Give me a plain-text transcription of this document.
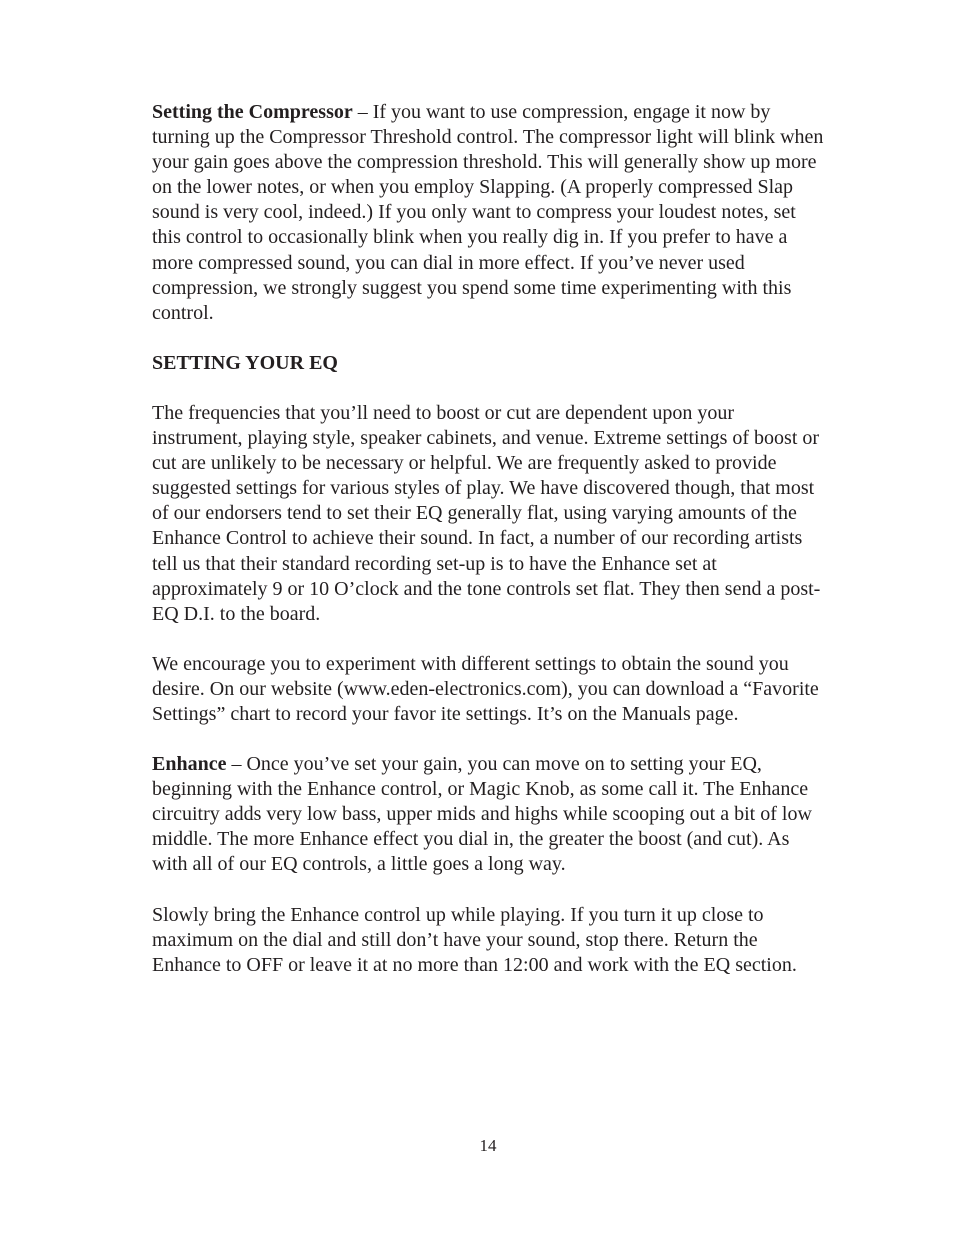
Setting the Compressor – If you want to use compression, engage it now by turning up the Compressor Threshold control. The compressor light will blink when your gain goes above the compression threshold. This will generally show up more on the lower notes, or when you employ Slapping. (A properly compressed Slap sound is very cool, indeed.) If you only want to compress your loudest notes, set this control to occasionally blink when you really dig in. If you prefer to have a more compressed sound, you can dial in more effect. If you’ve never used compression, we strongly suggest you spend some time experimenting with this control.

SETTING YOUR EQ

The frequencies that you’ll need to boost or cut are dependent upon your instrument, playing style, speaker cabinets, and venue. Extreme settings of boost or cut are unlikely to be necessary or helpful. We are frequently asked to provide suggested settings for various styles of play. We have discovered though, that most of our endorsers tend to set their EQ generally flat, using varying amounts of the Enhance Control to achieve their sound. In fact, a number of our recording artists tell us that their standard recording set-up is to have the Enhance set at approximately 9 or 10 O’clock and the tone controls set flat. They then send a post-EQ D.I. to the board.

We encourage you to experiment with different settings to obtain the sound you desire. On our website (www.eden-electronics.com), you can download a “Favorite Settings” chart to record your favor ite settings. It’s on the Manuals page.

Enhance – Once you’ve set your gain, you can move on to setting your EQ, beginning with the Enhance control, or Magic Knob, as some call it. The Enhance circuitry adds very low bass, upper mids and highs while scooping out a bit of low middle. The more Enhance effect you dial in, the greater the boost (and cut). As with all of our EQ controls, a little goes a long way.

Slowly bring the Enhance control up while playing. If you turn it up close to maximum on the dial and still don’t have your sound, stop there. Return the Enhance to OFF or leave it at no more than 12:00 and work with the EQ section.

14
